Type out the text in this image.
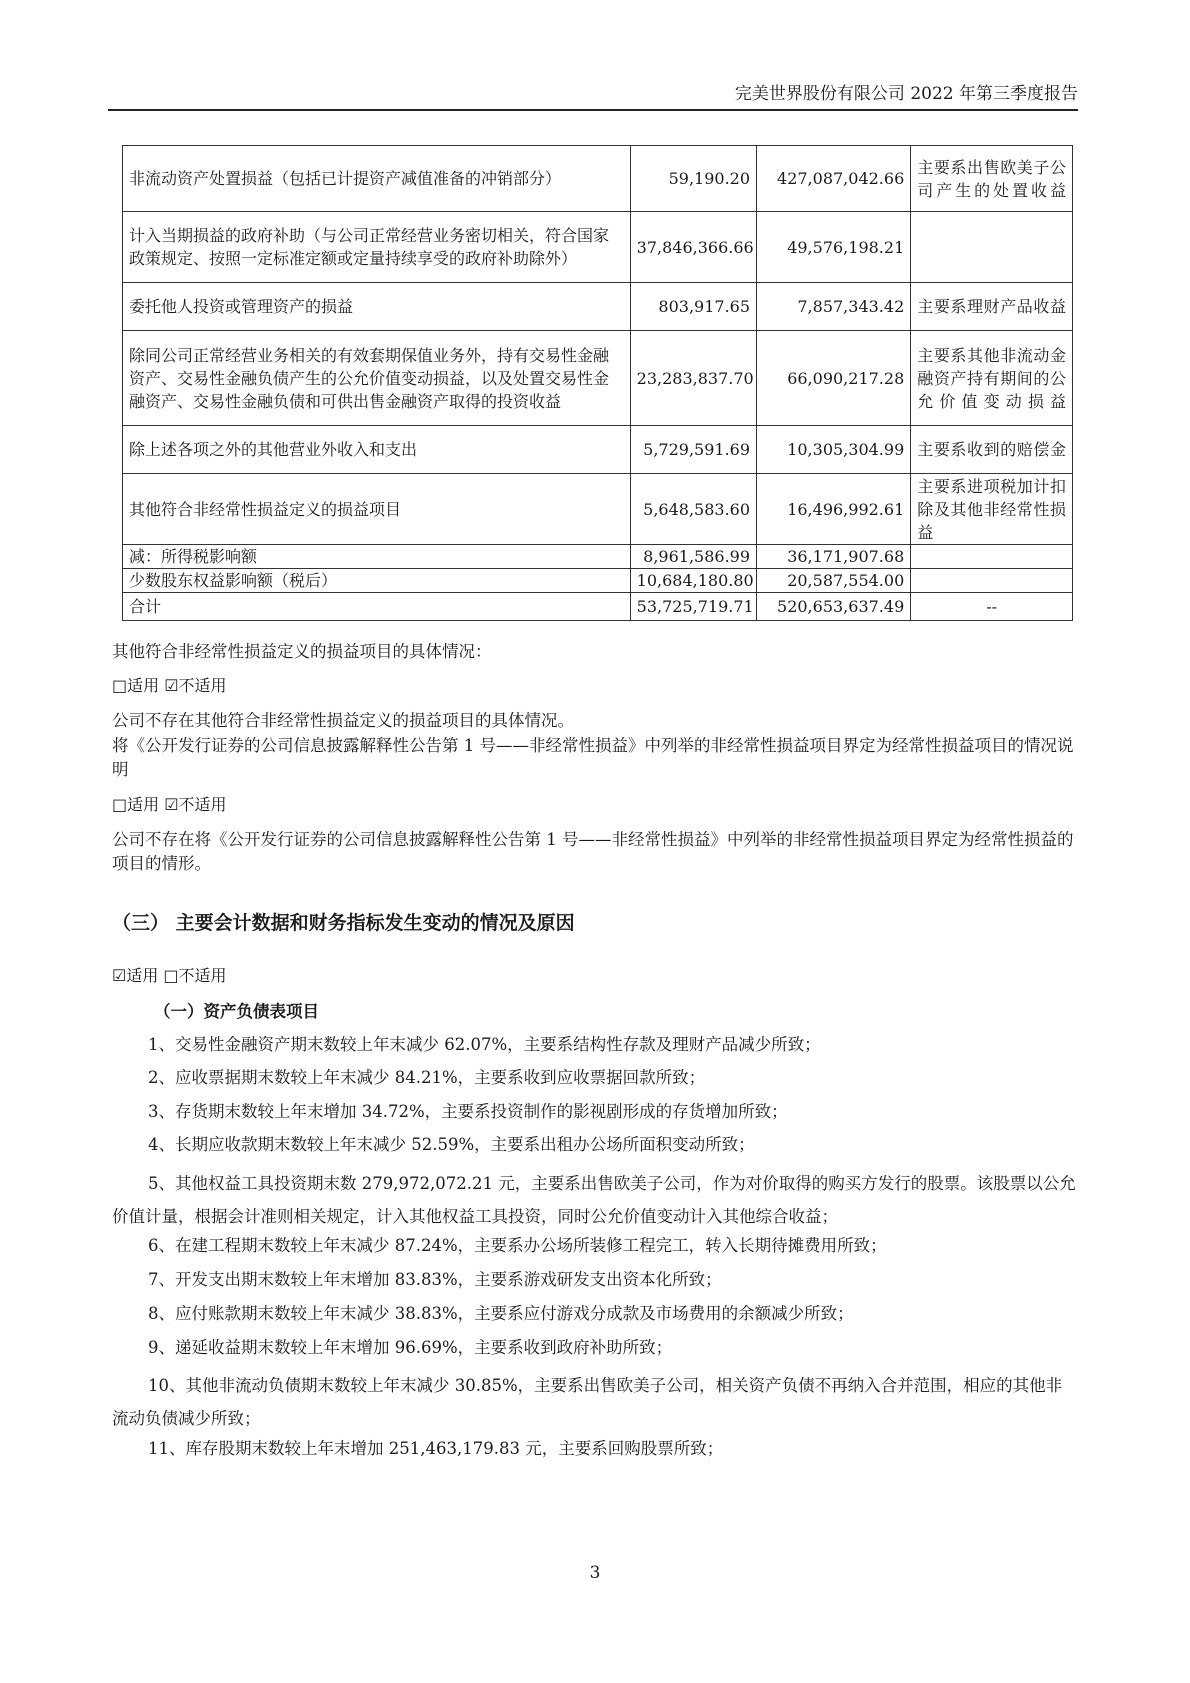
完美世界股份有限公司 2022 年第三季度报告
非流动资产处置损益（包括已计提资产减值准备的冲销部分）	59,190.20	427,087,042.66	主要系出售欧美子公司产生的处置收益
计入当期损益的政府补助（与公司正常经营业务密切相关，符合国家政策规定、按照一定标准定额或定量持续享受的政府补助除外）	37,846,366.66	49,576,198.21	
委托他人投资或管理资产的损益	803,917.65	7,857,343.42	主要系理财产品收益
除同公司正常经营业务相关的有效套期保值业务外，持有交易性金融资产、交易性金融负债产生的公允价值变动损益，以及处置交易性金融资产、交易性金融负债和可供出售金融资产取得的投资收益	23,283,837.70	66,090,217.28	主要系其他非流动金融资产持有期间的公允价值变动损益
除上述各项之外的其他营业外收入和支出	5,729,591.69	10,305,304.99	主要系收到的赔偿金
其他符合非经常性损益定义的损益项目	5,648,583.60	16,496,992.61	主要系进项税加计扣除及其他非经常性损益
减：所得税影响额	8,961,586.99	36,171,907.68	
少数股东权益影响额（税后）	10,684,180.80	20,587,554.00	
合计	53,725,719.71	520,653,637.49	--
其他符合非经常性损益定义的损益项目的具体情况：
□适用 ☑不适用
公司不存在其他符合非经常性损益定义的损益项目的具体情况。
将《公开发行证券的公司信息披露解释性公告第 1 号——非经常性损益》中列举的非经常性损益项目界定为经常性损益项目的情况说明
□适用 ☑不适用
公司不存在将《公开发行证券的公司信息披露解释性公告第 1 号——非经常性损益》中列举的非经常性损益项目界定为经常性损益的项目的情形。
（三） 主要会计数据和财务指标发生变动的情况及原因
☑适用 □不适用
（一）资产负债表项目
1、交易性金融资产期末数较上年末减少 62.07%，主要系结构性存款及理财产品减少所致；
2、应收票据期末数较上年末减少 84.21%，主要系收到应收票据回款所致；
3、存货期末数较上年末增加 34.72%，主要系投资制作的影视剧形成的存货增加所致；
4、长期应收款期末数较上年末减少 52.59%，主要系出租办公场所面积变动所致；
5、其他权益工具投资期末数 279,972,072.21 元，主要系出售欧美子公司，作为对价取得的购买方发行的股票。该股票以公允价值计量，根据会计准则相关规定，计入其他权益工具投资，同时公允价值变动计入其他综合收益；
6、在建工程期末数较上年末减少 87.24%，主要系办公场所装修工程完工，转入长期待摊费用所致；
7、开发支出期末数较上年末增加 83.83%，主要系游戏研发支出资本化所致；
8、应付账款期末数较上年末减少 38.83%，主要系应付游戏分成款及市场费用的余额减少所致；
9、递延收益期末数较上年末增加 96.69%，主要系收到政府补助所致；
10、其他非流动负债期末数较上年末减少 30.85%，主要系出售欧美子公司，相关资产负债不再纳入合并范围，相应的其他非流动负债减少所致；
11、库存股期末数较上年末增加 251,463,179.83 元，主要系回购股票所致；
3
